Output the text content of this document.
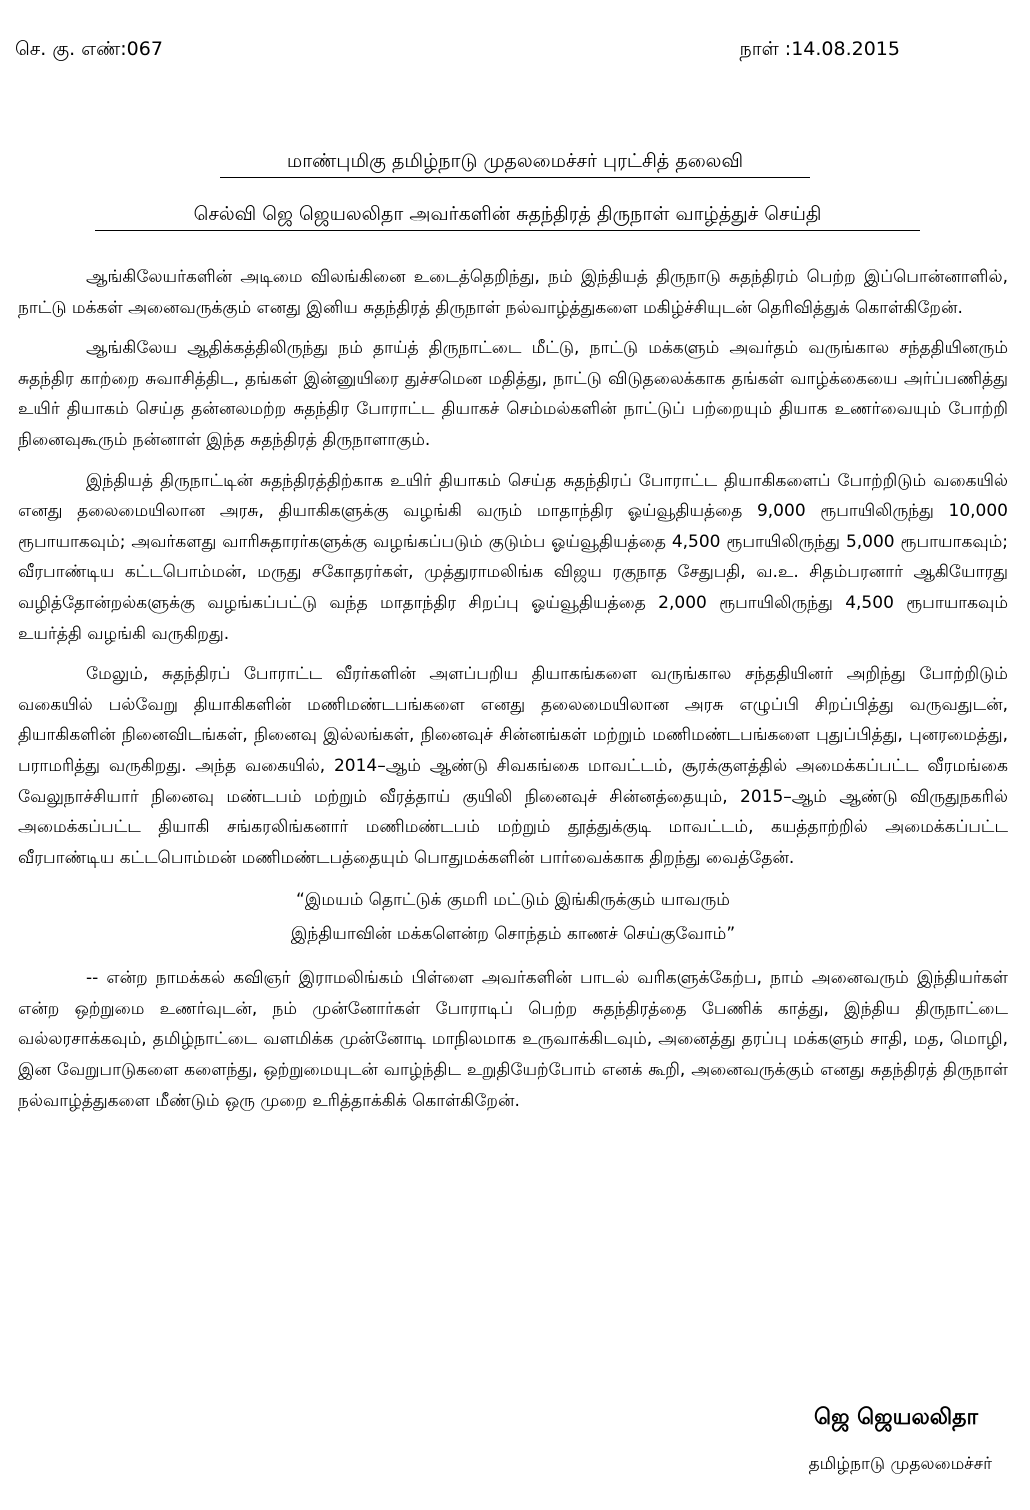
செ. கு. எண்:067	நாள் :14.08.2015
மாண்புமிகு தமிழ்நாடு முதலமைச்சர் புரட்சித் தலைவி
செல்வி ஜெ ஜெயலலிதா அவர்களின் சுதந்திரத் திருநாள் வாழ்த்துச் செய்தி

ஆங்கிலேயர்களின் அடிமை விலங்கினை உடைத்தெறிந்து, நம் இந்தியத் திருநாடு சுதந்திரம் பெற்ற இப்பொன்னாளில், நாட்டு மக்கள் அனைவருக்கும் எனது இனிய சுதந்திரத் திருநாள் நல்வாழ்த்துகளை மகிழ்ச்சியுடன் தெரிவித்துக் கொள்கிறேன்.

ஆங்கிலேய ஆதிக்கத்திலிருந்து நம் தாய்த் திருநாட்டை மீட்டு, நாட்டு மக்களும் அவர்தம் வருங்கால சந்ததியினரும் சுதந்திர காற்றை சுவாசித்திட, தங்கள் இன்னுயிரை துச்சமென மதித்து, நாட்டு விடுதலைக்காக தங்கள் வாழ்க்கையை அர்ப்பணித்து உயிர் தியாகம் செய்த தன்னலமற்ற சுதந்திர போராட்ட தியாகச் செம்மல்களின் நாட்டுப் பற்றையும் தியாக உணர்வையும் போற்றி நினைவுகூரும் நன்னாள் இந்த சுதந்திரத் திருநாளாகும்.

இந்தியத் திருநாட்டின் சுதந்திரத்திற்காக உயிர் தியாகம் செய்த சுதந்திரப் போராட்ட தியாகிகளைப் போற்றிடும் வகையில் எனது தலைமையிலான அரசு, தியாகிகளுக்கு வழங்கி வரும் மாதாந்திர ஓய்வூதியத்தை 9,000 ரூபாயிலிருந்து 10,000 ரூபாயாகவும்; அவர்களது வாரிசுதாரர்களுக்கு வழங்கப்படும் குடும்ப ஓய்வூதியத்தை 4,500 ரூபாயிலிருந்து 5,000 ரூபாயாகவும்; வீரபாண்டிய கட்டபொம்மன், மருது சகோதரர்கள், முத்துராமலிங்க விஜய ரகுநாத சேதுபதி, வ.உ. சிதம்பரனார் ஆகியோரது வழித்தோன்றல்களுக்கு வழங்கப்பட்டு வந்த மாதாந்திர சிறப்பு ஓய்வூதியத்தை 2,000 ரூபாயிலிருந்து 4,500 ரூபாயாகவும் உயர்த்தி வழங்கி வருகிறது.

மேலும், சுதந்திரப் போராட்ட வீரர்களின் அளப்பறிய தியாகங்களை வருங்கால சந்ததியினர் அறிந்து போற்றிடும் வகையில் பல்வேறு தியாகிகளின் மணிமண்டபங்களை எனது தலைமையிலான அரசு எழுப்பி சிறப்பித்து வருவதுடன், தியாகிகளின் நினைவிடங்கள், நினைவு இல்லங்கள், நினைவுச் சின்னங்கள் மற்றும் மணிமண்டபங்களை புதுப்பித்து, புனரமைத்து, பராமரித்து வருகிறது. அந்த வகையில், 2014–ஆம் ஆண்டு சிவகங்கை மாவட்டம், சூரக்குளத்தில் அமைக்கப்பட்ட வீரமங்கை வேலுநாச்சியார் நினைவு மண்டபம் மற்றும் வீரத்தாய் குயிலி நினைவுச் சின்னத்தையும், 2015–ஆம் ஆண்டு விருதுநகரில் அமைக்கப்பட்ட தியாகி சங்கரலிங்கனார் மணிமண்டபம் மற்றும் தூத்துக்குடி மாவட்டம், கயத்தாற்றில் அமைக்கப்பட்ட வீரபாண்டிய கட்டபொம்மன் மணிமண்டபத்தையும் பொதுமக்களின் பார்வைக்காக திறந்து வைத்தேன்.

“இமயம் தொட்டுக் குமரி மட்டும் இங்கிருக்கும் யாவரும்
இந்தியாவின் மக்களென்ற சொந்தம் காணச் செய்குவோம்”

-- என்ற நாமக்கல் கவிஞர் இராமலிங்கம் பிள்ளை அவர்களின் பாடல் வரிகளுக்கேற்ப, நாம் அனைவரும் இந்தியர்கள் என்ற ஒற்றுமை உணர்வுடன், நம் முன்னோர்கள் போராடிப் பெற்ற சுதந்திரத்தை பேணிக் காத்து, இந்திய திருநாட்டை வல்லரசாக்கவும், தமிழ்நாட்டை வளமிக்க முன்னோடி மாநிலமாக உருவாக்கிடவும், அனைத்து தரப்பு மக்களும் சாதி, மத, மொழி, இன வேறுபாடுகளை களைந்து, ஒற்றுமையுடன் வாழ்ந்திட உறுதியேற்போம் எனக் கூறி, அனைவருக்கும் எனது சுதந்திரத் திருநாள் நல்வாழ்த்துகளை மீண்டும் ஒரு முறை உரித்தாக்கிக் கொள்கிறேன்.

ஜெ ஜெயலலிதா
தமிழ்நாடு முதலமைச்சர்
